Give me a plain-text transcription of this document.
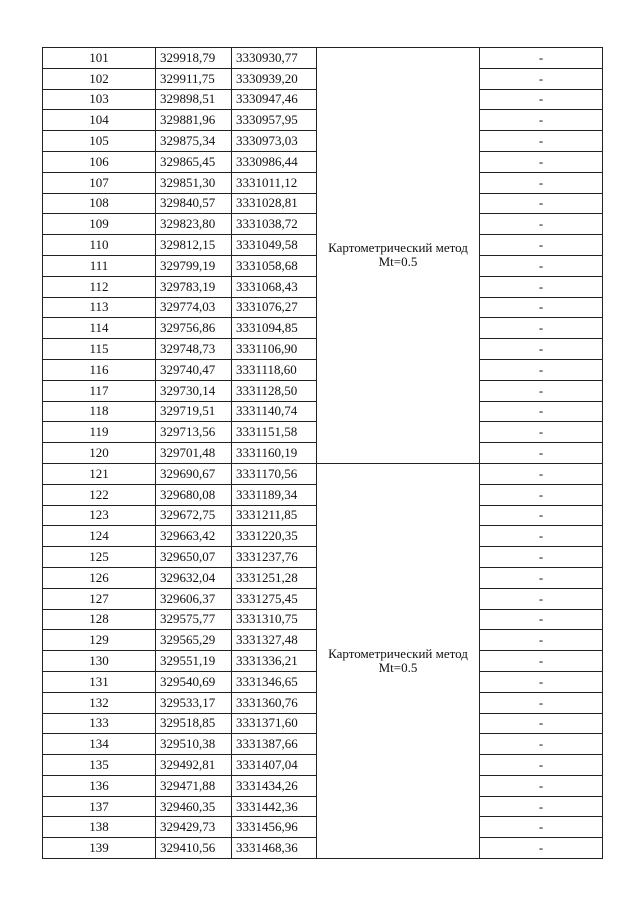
101	329918,79	3330930,77	Картометрический метод Mt=0.5	-
102	329911,75	3330939,20		-
103	329898,51	3330947,46		-
104	329881,96	3330957,95		-
105	329875,34	3330973,03		-
106	329865,45	3330986,44		-
107	329851,30	3331011,12		-
108	329840,57	3331028,81		-
109	329823,80	3331038,72		-
110	329812,15	3331049,58		-
111	329799,19	3331058,68		-
112	329783,19	3331068,43		-
113	329774,03	3331076,27		-
114	329756,86	3331094,85		-
115	329748,73	3331106,90		-
116	329740,47	3331118,60		-
117	329730,14	3331128,50		-
118	329719,51	3331140,74		-
119	329713,56	3331151,58		-
120	329701,48	3331160,19		-
121	329690,67	3331170,56	Картометрический метод Mt=0.5	-
122	329680,08	3331189,34		-
123	329672,75	3331211,85		-
124	329663,42	3331220,35		-
125	329650,07	3331237,76		-
126	329632,04	3331251,28		-
127	329606,37	3331275,45		-
128	329575,77	3331310,75		-
129	329565,29	3331327,48		-
130	329551,19	3331336,21		-
131	329540,69	3331346,65		-
132	329533,17	3331360,76		-
133	329518,85	3331371,60		-
134	329510,38	3331387,66		-
135	329492,81	3331407,04		-
136	329471,88	3331434,26		-
137	329460,35	3331442,36		-
138	329429,73	3331456,96		-
139	329410,56	3331468,36		-
